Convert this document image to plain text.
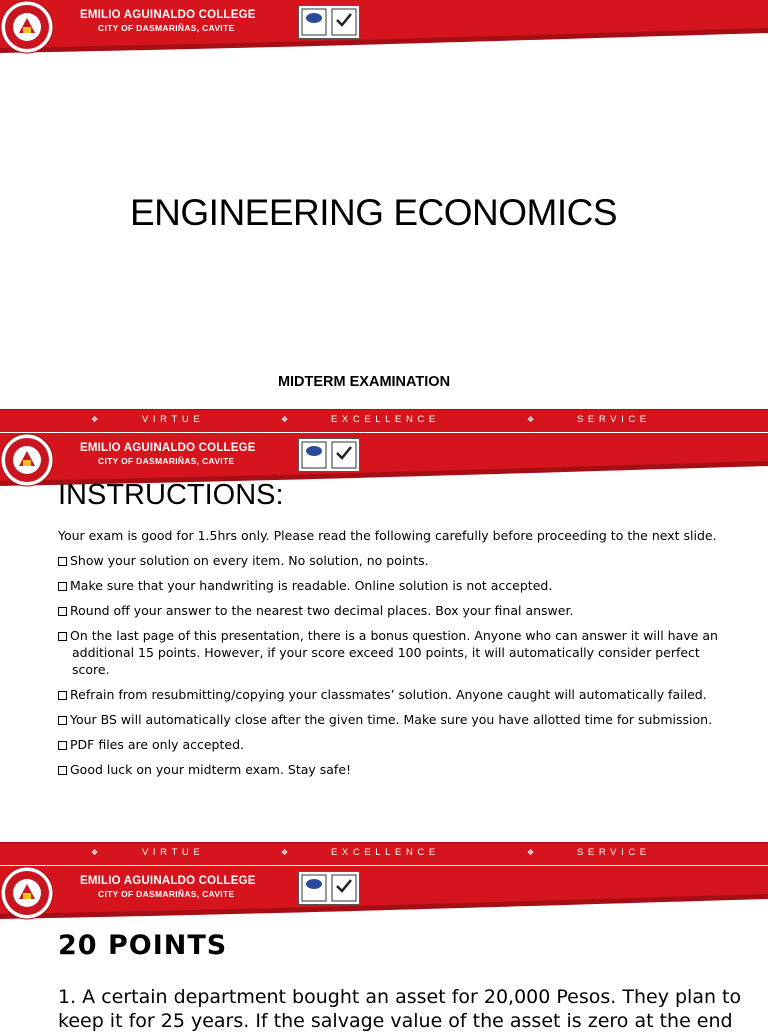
EMILIO AGUINALDO COLLEGE
CITY OF DASMARIÑAS, CAVITE
ENGINEERING ECONOMICS
MIDTERM EXAMINATION
❖	VIRTUE	❖	EXCELLENCE	❖	SERVICE
EMILIO AGUINALDO COLLEGE
CITY OF DASMARIÑAS, CAVITE
❖	VIRTUE	❖	EXCELLENCE	❖	SERVICE
INSTRUCTIONS:

Your exam is good for 1.5hrs only. Please read the following carefully before proceeding to the next slide.

Show your solution on every item. No solution, no points.

Make sure that your handwriting is readable. Online solution is not accepted.

Round off your answer to the nearest two decimal places. Box your final answer.

On the last page of this presentation, there is a bonus question. Anyone who can answer it will have an additional 15 points. However, if your score exceed 100 points, it will automatically consider perfect score.

Refrain from resubmitting/copying your classmates’ solution. Anyone caught will automatically failed.

Your BS will automatically close after the given time. Make sure you have allotted time for submission.

PDF files are only accepted.

Good luck on your midterm exam. Stay safe!

EMILIO AGUINALDO COLLEGE
CITY OF DASMARIÑAS, CAVITE
20 POINTS
1. A certain department bought an asset for 20,000 Pesos. They plan to keep it for 25 years. If the salvage value of the asset is zero at the end
